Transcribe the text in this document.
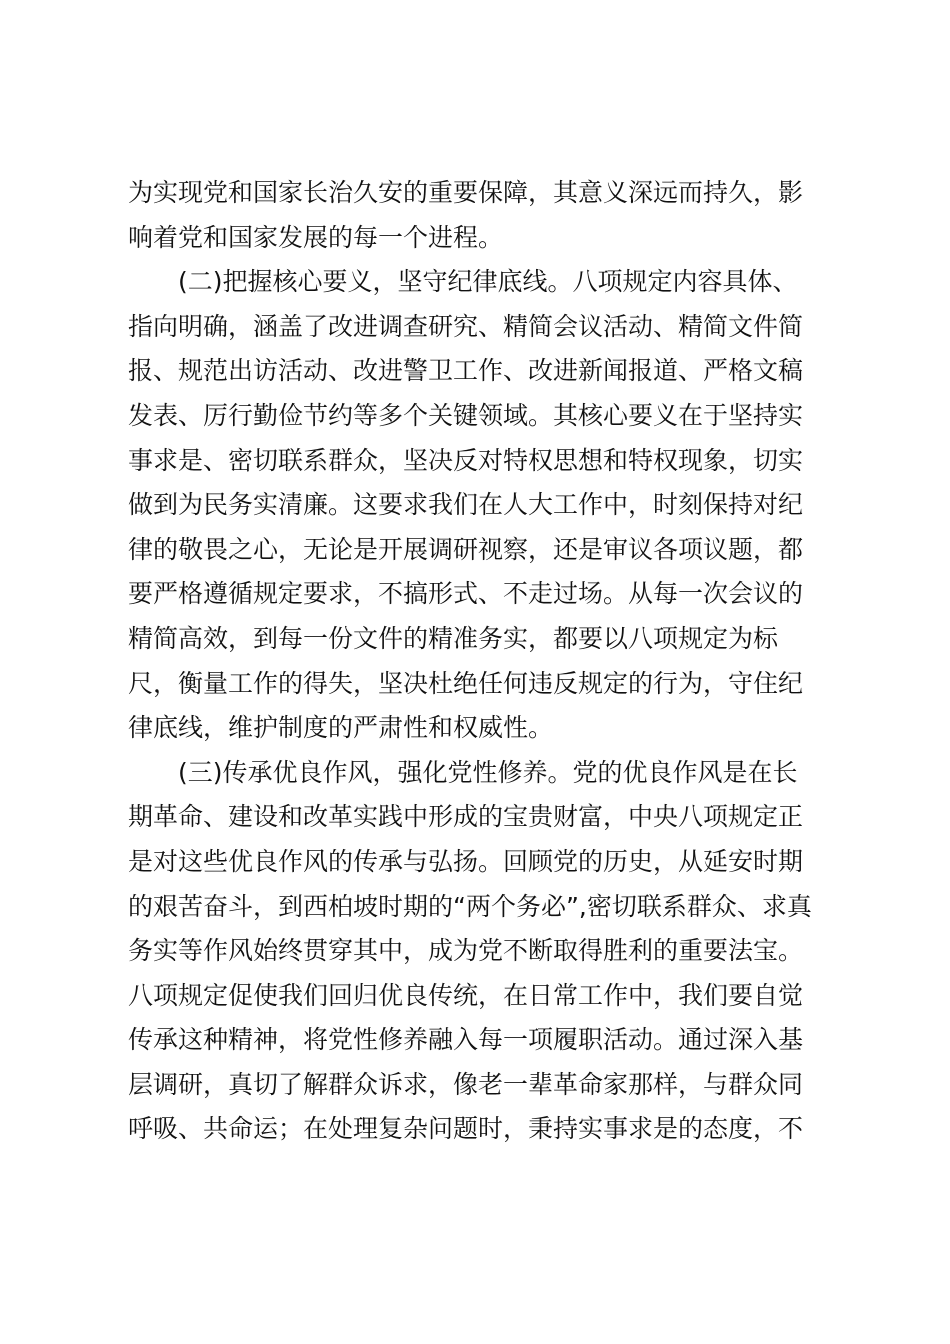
为实现党和国家长治久安的重要保障，其意义深远而持久，影
响着党和国家发展的每一个进程。
(二)把握核心要义，坚守纪律底线。八项规定内容具体、
指向明确，涵盖了改进调查研究、精简会议活动、精简文件简
报、规范出访活动、改进警卫工作、改进新闻报道、严格文稿
发表、厉行勤俭节约等多个关键领域。其核心要义在于坚持实
事求是、密切联系群众，坚决反对特权思想和特权现象，切实
做到为民务实清廉。这要求我们在人大工作中，时刻保持对纪
律的敬畏之心，无论是开展调研视察，还是审议各项议题，都
要严格遵循规定要求，不搞形式、不走过场。从每一次会议的
精简高效，到每一份文件的精准务实，都要以八项规定为标
尺，衡量工作的得失，坚决杜绝任何违反规定的行为，守住纪
律底线，维护制度的严肃性和权威性。
(三)传承优良作风，强化党性修养。党的优良作风是在长
期革命、建设和改革实践中形成的宝贵财富，中央八项规定正
是对这些优良作风的传承与弘扬。回顾党的历史，从延安时期
的艰苦奋斗，到西柏坡时期的“两个务必”,密切联系群众、求真
务实等作风始终贯穿其中，成为党不断取得胜利的重要法宝。
八项规定促使我们回归优良传统，在日常工作中，我们要自觉
传承这种精神，将党性修养融入每一项履职活动。通过深入基
层调研，真切了解群众诉求，像老一辈革命家那样，与群众同
呼吸、共命运；在处理复杂问题时，秉持实事求是的态度，不
